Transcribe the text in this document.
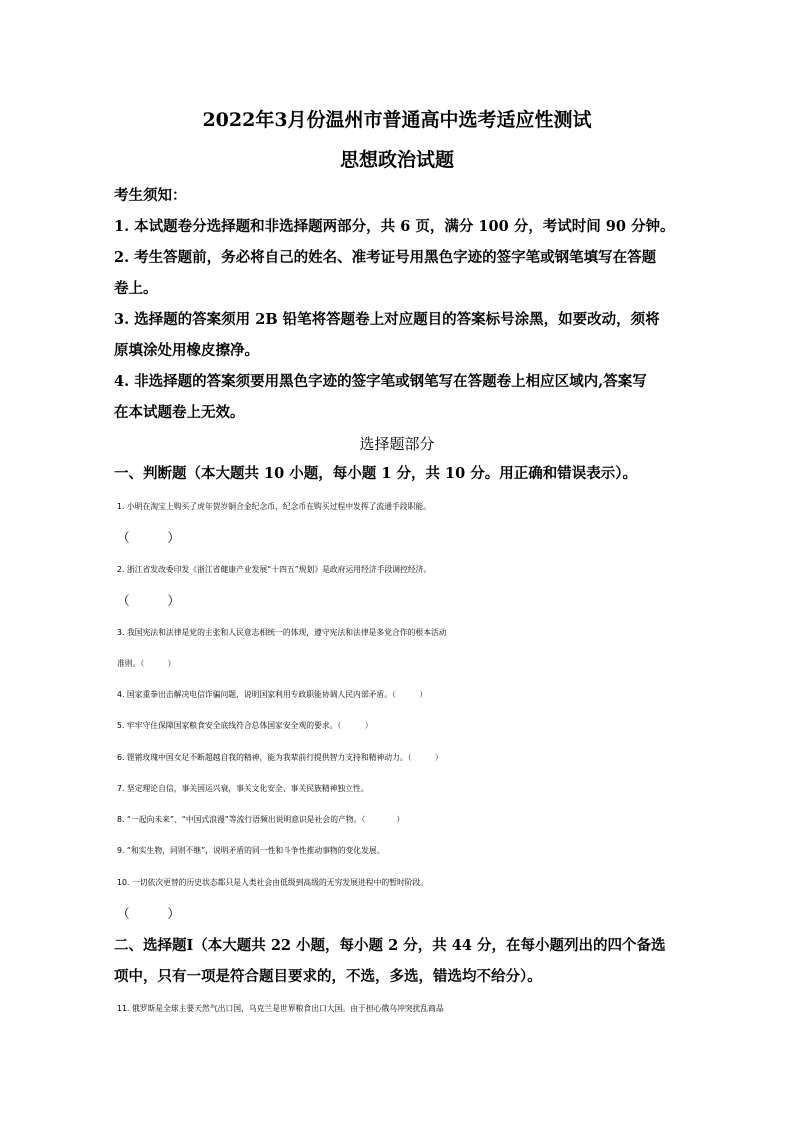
2022年3月份温州市普通高中选考适应性测试
思想政治试题
考生须知：
1. 本试题卷分选择题和非选择题两部分，共 6 页，满分 100 分，考试时间 90 分钟。
2. 考生答题前，务必将自己的姓名、准考证号用黑色字迹的签字笔或钢笔填写在答题
卷上。
3. 选择题的答案须用 2B 铅笔将答题卷上对应题目的答案标号涂黑，如要改动，须将
原填涂处用橡皮擦净。
4. 非选择题的答案须要用黑色字迹的签字笔或钢笔写在答题卷上相应区域内,答案写
在本试题卷上无效。
选择题部分
一、判断题（本大题共 10 小题，每小题 1 分，共 10 分。用正确和错误表示）。
1. 小明在淘宝上购买了虎年贺岁铜合金纪念币，纪念币在购买过程中发挥了流通手段职能。
（　　　）
2. 浙江省发改委印发《浙江省健康产业发展“十四五”规划》是政府运用经济手段调控经济。
（　　　）
3. 我国宪法和法律是党的主张和人民意志相统一的体现，遵守宪法和法律是多党合作的根本活动
准则。（　　　）
4. 国家重拳出击解决电信诈骗问题，说明国家利用专政职能协调人民内部矛盾。（　　　）
5. 牢牢守住保障国家粮食安全底线符合总体国家安全观的要求。（　　　）
6. 铿锵玫瑰中国女足不断超越自我的精神，能为我辈前行提供智力支持和精神动力。（　　　）
7. 坚定理论自信，事关国运兴衰，事关文化安全、事关民族精神独立性。
8. “一起向未来”、“中国式浪漫”等流行语频出说明意识是社会的产物。（　　　　）
9. “和实生物，同则不继”，说明矛盾的同一性和斗争性推动事物的变化发展。
10. 一切依次更替的历史状态都只是人类社会由低级到高级的无穷发展进程中的暂时阶段。
（　　　）
二、选择题Ⅰ（本大题共 22 小题，每小题 2 分，共 44 分，在每小题列出的四个备选
项中，只有一项是符合题目要求的，不选，多选，错选均不给分）。
11. 俄罗斯是全球主要天然气出口国，乌克兰是世界粮食出口大国。由于担心俄乌冲突扰乱商品
